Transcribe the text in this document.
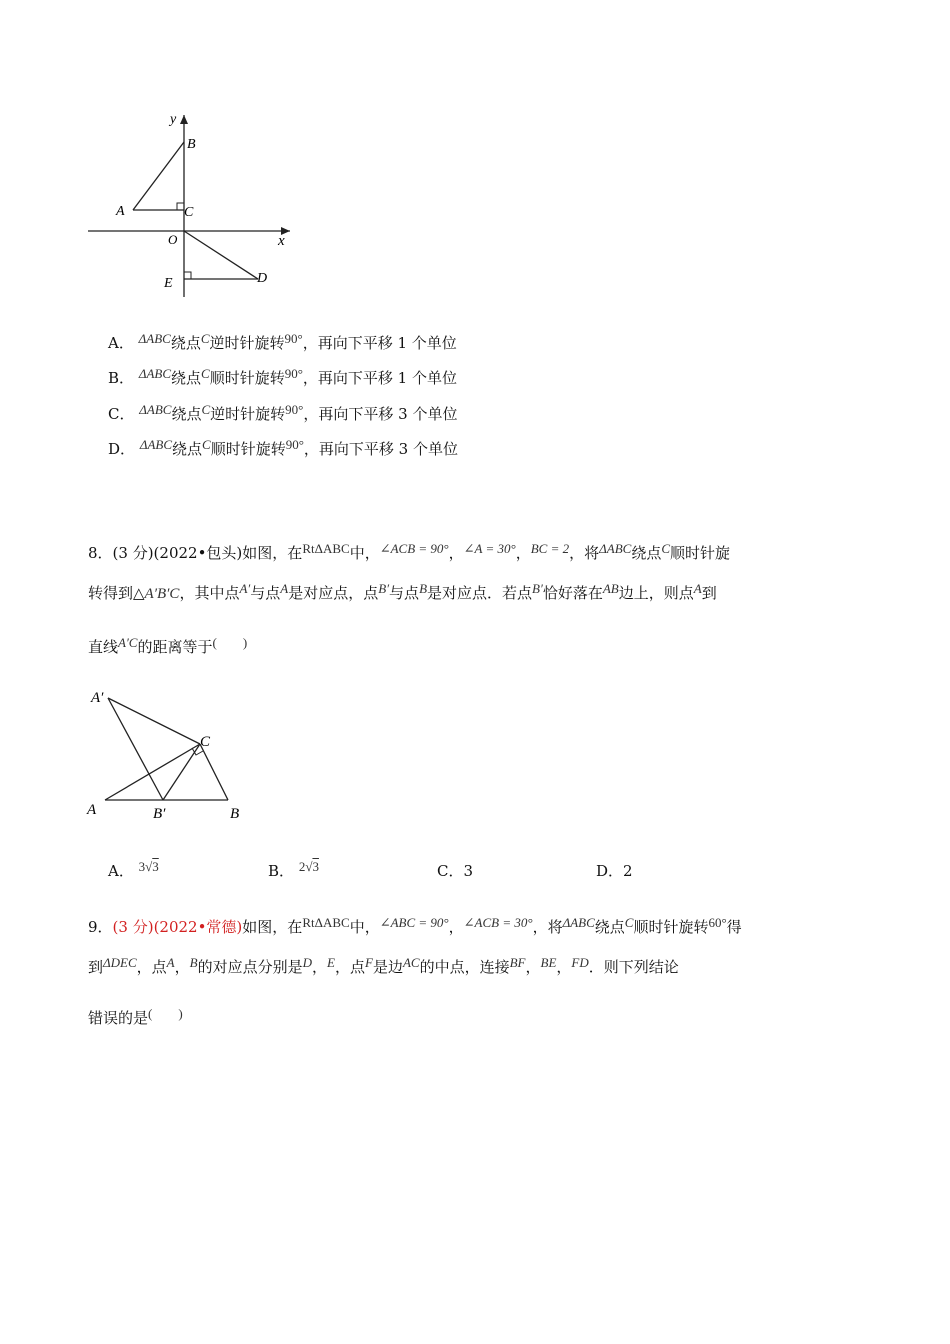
y
x
O
B
A	C
E	D
A． ΔABC绕点C逆时针旋转90°，再向下平移 1 个单位
B． ΔABC绕点C顺时针旋转90°，再向下平移 1 个单位
C． ΔABC绕点C逆时针旋转90°，再向下平移 3 个单位
D． ΔABC绕点C顺时针旋转90°，再向下平移 3 个单位
8．(3 分)(2022•包头)如图，在RtΔABC中，∠ACB = 90°，∠A = 30°，BC = 2，将ΔABC绕点C顺时针旋
转得到△A′B′C，其中点A′与点A是对应点，点B′与点B是对应点．若点B′恰好落在AB边上，则点A到
直线A′C的距离等于(　　)
A′
C
A	B′	B
A． 3√3	B． 2√3	C．3	D．2
9．(3 分)(2022•常德)如图，在RtΔABC中，∠ABC = 90°，∠ACB = 30°，将ΔABC绕点C顺时针旋转60°得
到ΔDEC，点A，B的对应点分别是D，E，点F是边AC的中点，连接BF，BE，FD．则下列结论
错误的是(　　)
